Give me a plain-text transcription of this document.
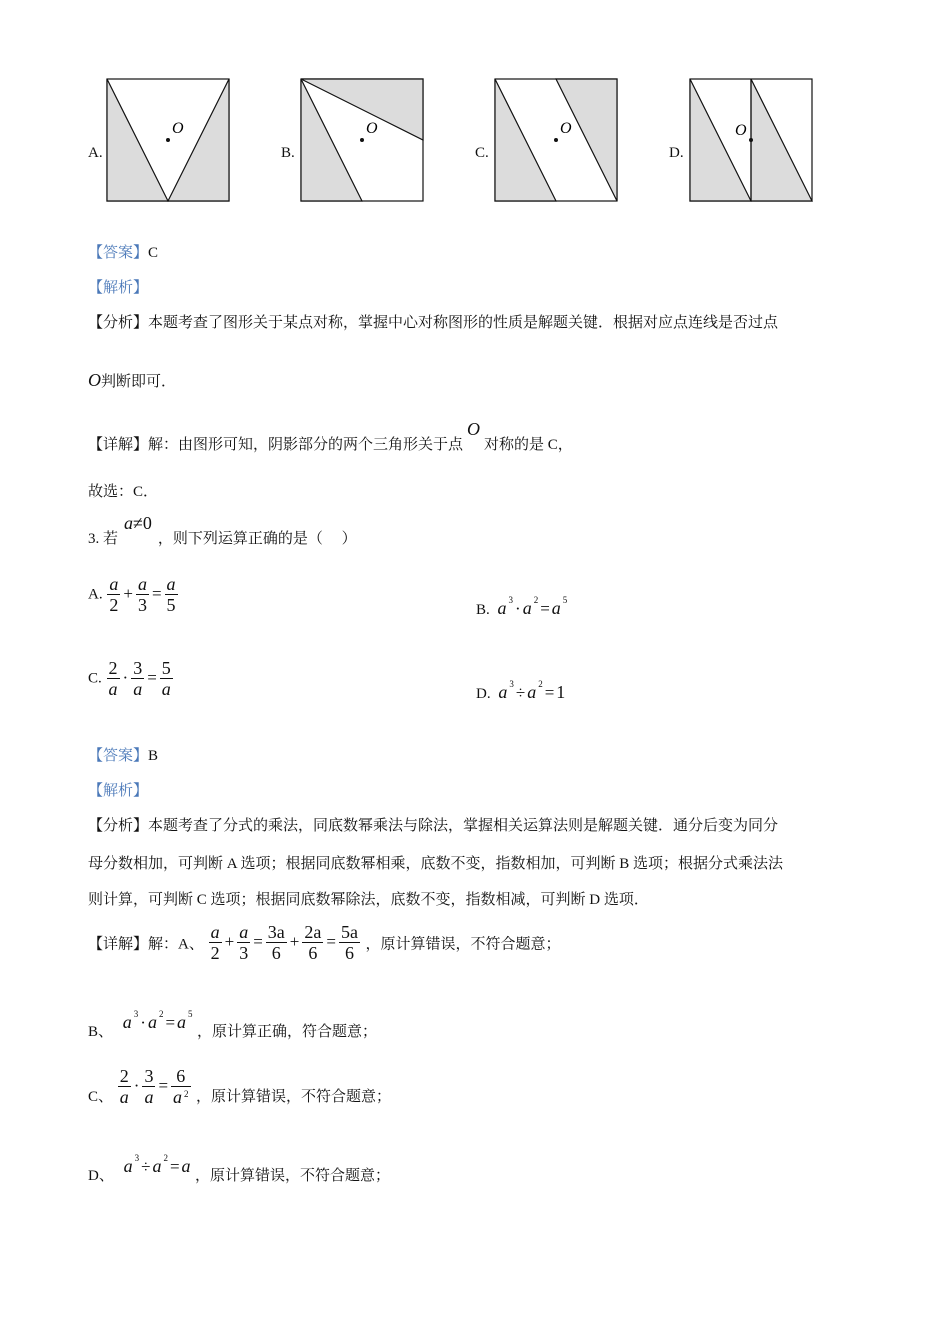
A.
O
B.
O
C.
O
D.
O
【答案】C
【解析】
【分析】本题考查了图形关于某点对称，掌握中心对称图形的性质是解题关键．根据对应点连线是否过点
O判断即可．
【详解】解：由图形可知，阴影部分的两个三角形关于点O对称的是 C，
故选：C．
3. 若a≠0，则下列运算正确的是（　 ）
A. $\frac{a}{2} + \frac{a}{3} = \frac{a}{5}$	B. a $^3$ · a $^2$ = a $^5$
C. $\frac{2}{a} \cdot \frac{3}{a} = \frac{5}{a}$	D. a $^3$ ÷ a $^2$ = 1
【答案】B
【解析】
【分析】本题考查了分式的乘法，同底数幂乘法与除法，掌握相关运算法则是解题关键．通分后变为同分
母分数相加，可判断 A 选项；根据同底数幂相乘，底数不变，指数相加，可判断 B 选项；根据分式乘法法
则计算，可判断 C 选项；根据同底数幂除法，底数不变，指数相减，可判断 D 选项．
【详解】解：A、 $\frac{a}{2} + \frac{a}{3} = \frac{3a}{6} + \frac{2a}{6} = \frac{5a}{6}$ ，原计算错误，不符合题意；
B、 a $^3$ · a $^2$ = a $^5$ ，原计算正确，符合题意；
C、 $\frac{2}{a} \cdot \frac{3}{a} = \frac{6}{a ^2}$ ，原计算错误，不符合题意；
D、 a $^3$ ÷ a $^2$ = a ，原计算错误，不符合题意；
